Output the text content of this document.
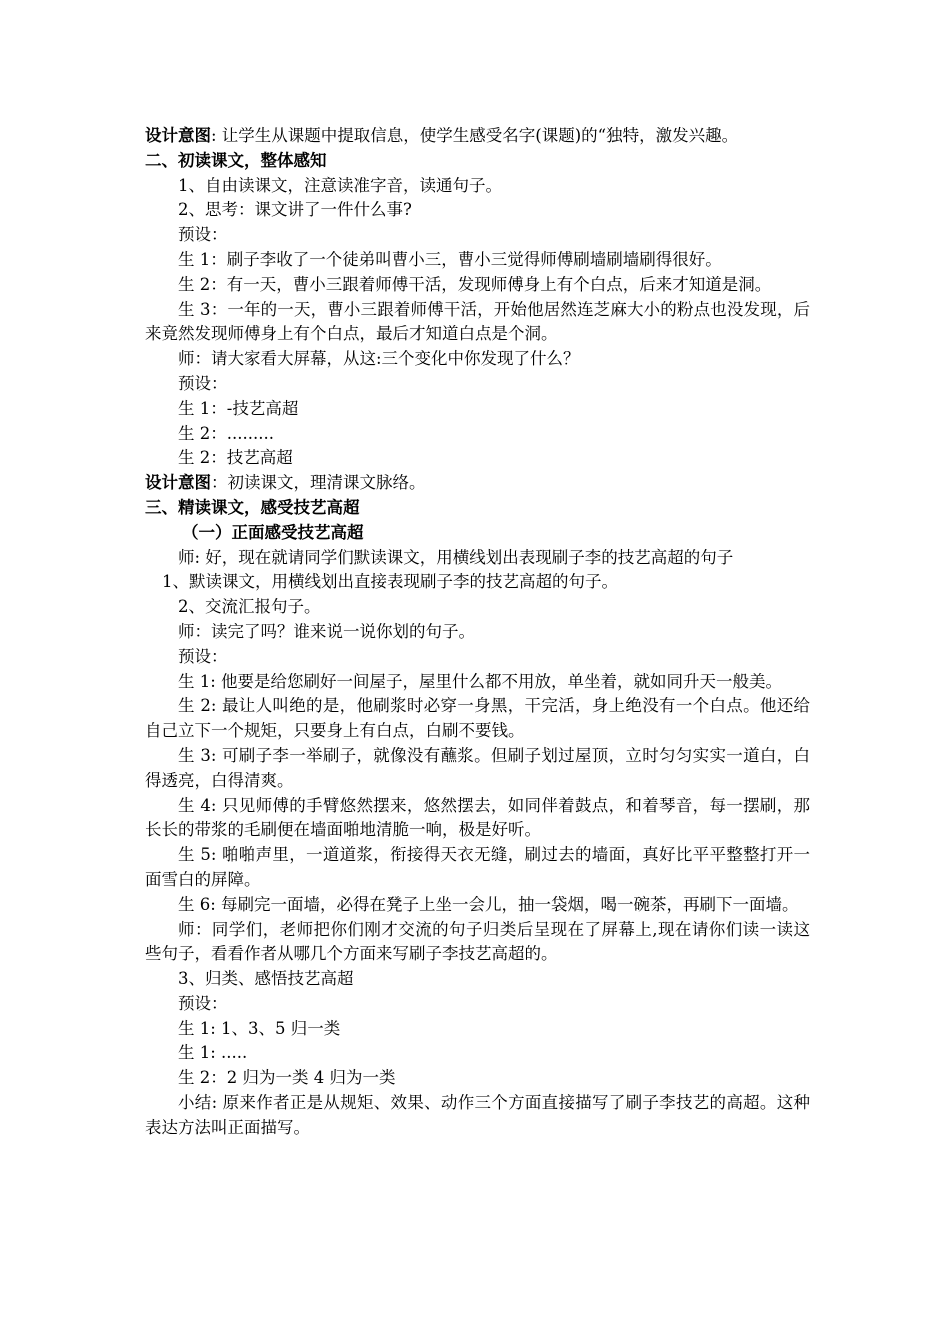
设计意图: 让学生从课题中提取信息，使学生感受名字(课题)的“独特，激发兴趣。
二、初读课文，整体感知
1、自由读课文，注意读准字音，读通句子。
2、思考：课文讲了一件什么事?
预设：
生 1：刷子李收了一个徒弟叫曹小三，曹小三觉得师傅刷墙刷墙刷得很好。
生 2：有一天，曹小三跟着师傅干活，发现师傅身上有个白点，后来才知道是洞。
生 3：一年的一天，曹小三跟着师傅干活，开始他居然连芝麻大小的粉点也没发现，后来竟然发现师傅身上有个白点，最后才知道白点是个洞。
师：请大家看大屏幕，从这:三个变化中你发现了什么？
预设：
生 1：-技艺高超
生 2：.........
生 2：技艺高超
设计意图：初读课文，理清课文脉络。
三、精读课文，感受技艺高超
（一）正面感受技艺高超
师: 好，现在就请同学们默读课文，用横线划出表现刷子李的技艺高超的句子
1、默读课文，用横线划出直接表现刷子李的技艺高超的句子。
2、交流汇报句子。
师：读完了吗？谁来说一说你划的句子。
预设：
生 1: 他要是给您刷好一间屋子，屋里什么都不用放，单坐着，就如同升天一般美。
生 2: 最让人叫绝的是，他刷浆时必穿一身黑，干完活，身上绝没有一个白点。他还给自己立下一个规矩，只要身上有白点，白刷不要钱。
生 3: 可刷子李一举刷子，就像没有蘸浆。但刷子划过屋顶，立时匀匀实实一道白，白得透亮，白得清爽。
生 4: 只见师傅的手臂悠然摆来，悠然摆去，如同伴着鼓点，和着琴音，每一摆刷，那长长的带浆的毛刷便在墙面啪地清脆一响，极是好听。
生 5: 啪啪声里，一道道浆，衔接得天衣无缝，刷过去的墙面，真好比平平整整打开一面雪白的屏障。
生 6: 每刷完一面墙，必得在凳子上坐一会儿，抽一袋烟，喝一碗茶，再刷下一面墙。
师：同学们，老师把你们刚才交流的句子归类后呈现在了屏幕上,现在请你们读一读这些句子，看看作者从哪几个方面来写刷子李技艺高超的。
3、归类、感悟技艺高超
预设：
生 1: 1、3、5 归一类
生 1: .....
生 2：2 归为一类 4 归为一类
小结: 原来作者正是从规矩、效果、动作三个方面直接描写了刷子李技艺的高超。这种表达方法叫正面描写。
